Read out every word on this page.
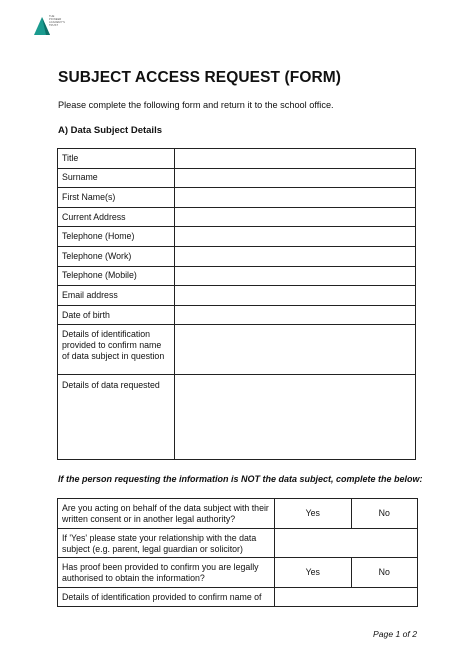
THE
PIONEER
ACADEMY'S
TRUST
SUBJECT ACCESS REQUEST (FORM)
Please complete the following form and return it to the school office.
A) Data Subject Details
Title	
Surname	
First Name(s)	
Current Address	
Telephone (Home)	
Telephone (Work)	
Telephone (Mobile)	
Email address	
Date of birth	
Details of identification provided to confirm name of data subject in question	
Details of data requested	
If the person requesting the information is NOT the data subject, complete the below:
Are you acting on behalf of the data subject with their written consent or in another legal authority?	Yes	No
If 'Yes' please state your relationship with the data subject (e.g. parent, legal guardian or solicitor)		
Has proof been provided to confirm you are legally authorised to obtain the information?	Yes	No
Details of identification provided to confirm name of		
Page 1 of 2
